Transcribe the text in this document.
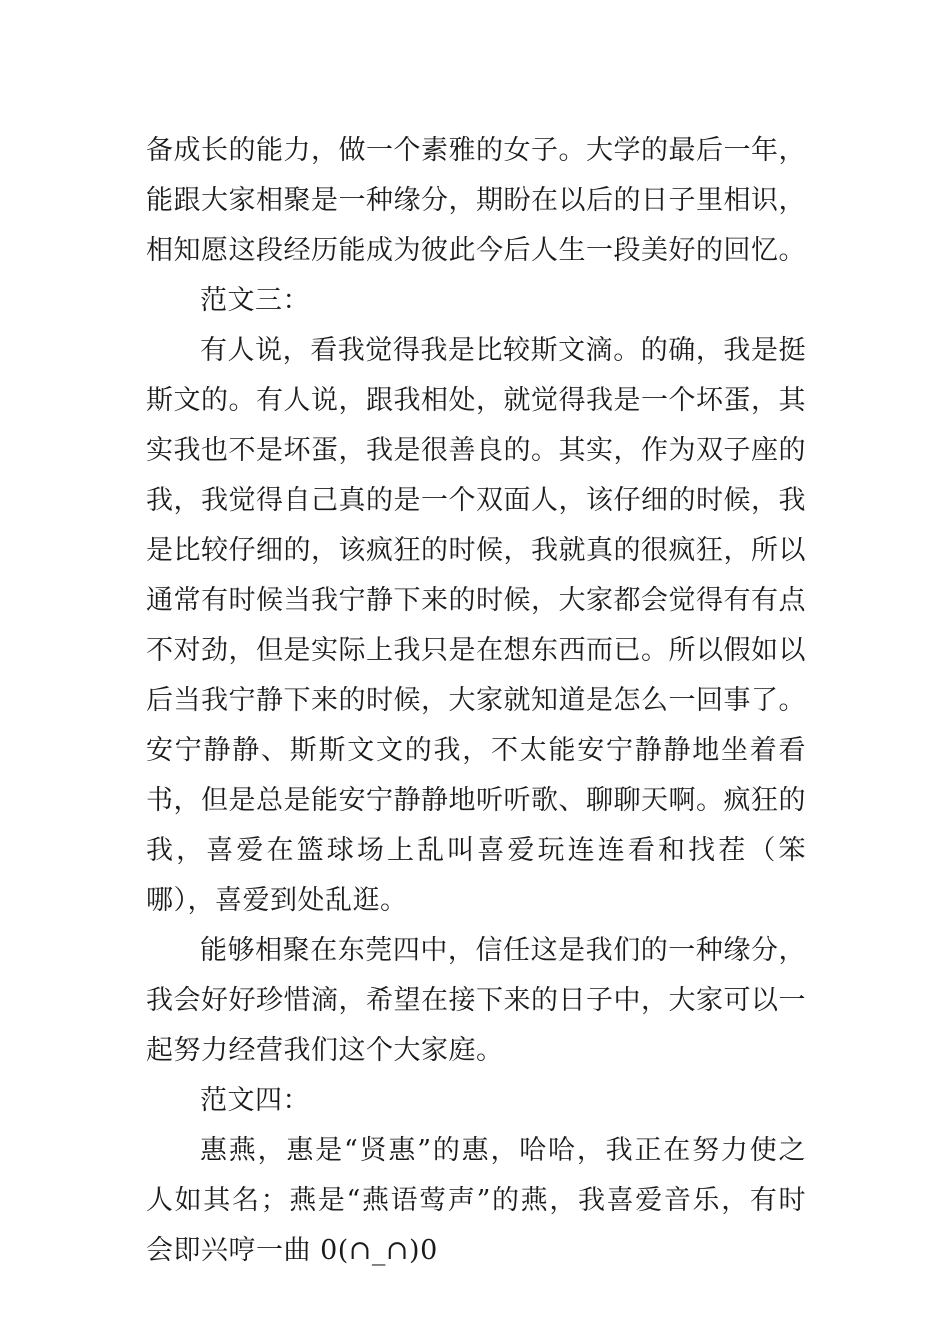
备成长的能力，做一个素雅的女子。大学的最后一年，能跟大家相聚是一种缘分，期盼在以后的日子里相识，相知愿这段经历能成为彼此今后人生一段美好的回忆。

范文三：

有人说，看我觉得我是比较斯文滴。的确，我是挺斯文的。有人说，跟我相处，就觉得我是一个坏蛋，其实我也不是坏蛋，我是很善良的。其实，作为双子座的我，我觉得自己真的是一个双面人，该仔细的时候，我是比较仔细的，该疯狂的时候，我就真的很疯狂，所以通常有时候当我宁静下来的时候，大家都会觉得有有点不对劲，但是实际上我只是在想东西而已。所以假如以后当我宁静下来的时候，大家就知道是怎么一回事了。安宁静静、斯斯文文的我，不太能安宁静静地坐着看书，但是总是能安宁静静地听听歌、聊聊天啊。疯狂的我，喜爱在篮球场上乱叫喜爱玩连连看和找茬（笨哪），喜爱到处乱逛。

能够相聚在东莞四中，信任这是我们的一种缘分，我会好好珍惜滴，希望在接下来的日子中，大家可以一起努力经营我们这个大家庭。

范文四：

惠燕，惠是“贤惠”的惠，哈哈，我正在努力使之人如其名；燕是“燕语莺声”的燕，我喜爱音乐，有时会即兴哼一曲 0(∩_∩)0
